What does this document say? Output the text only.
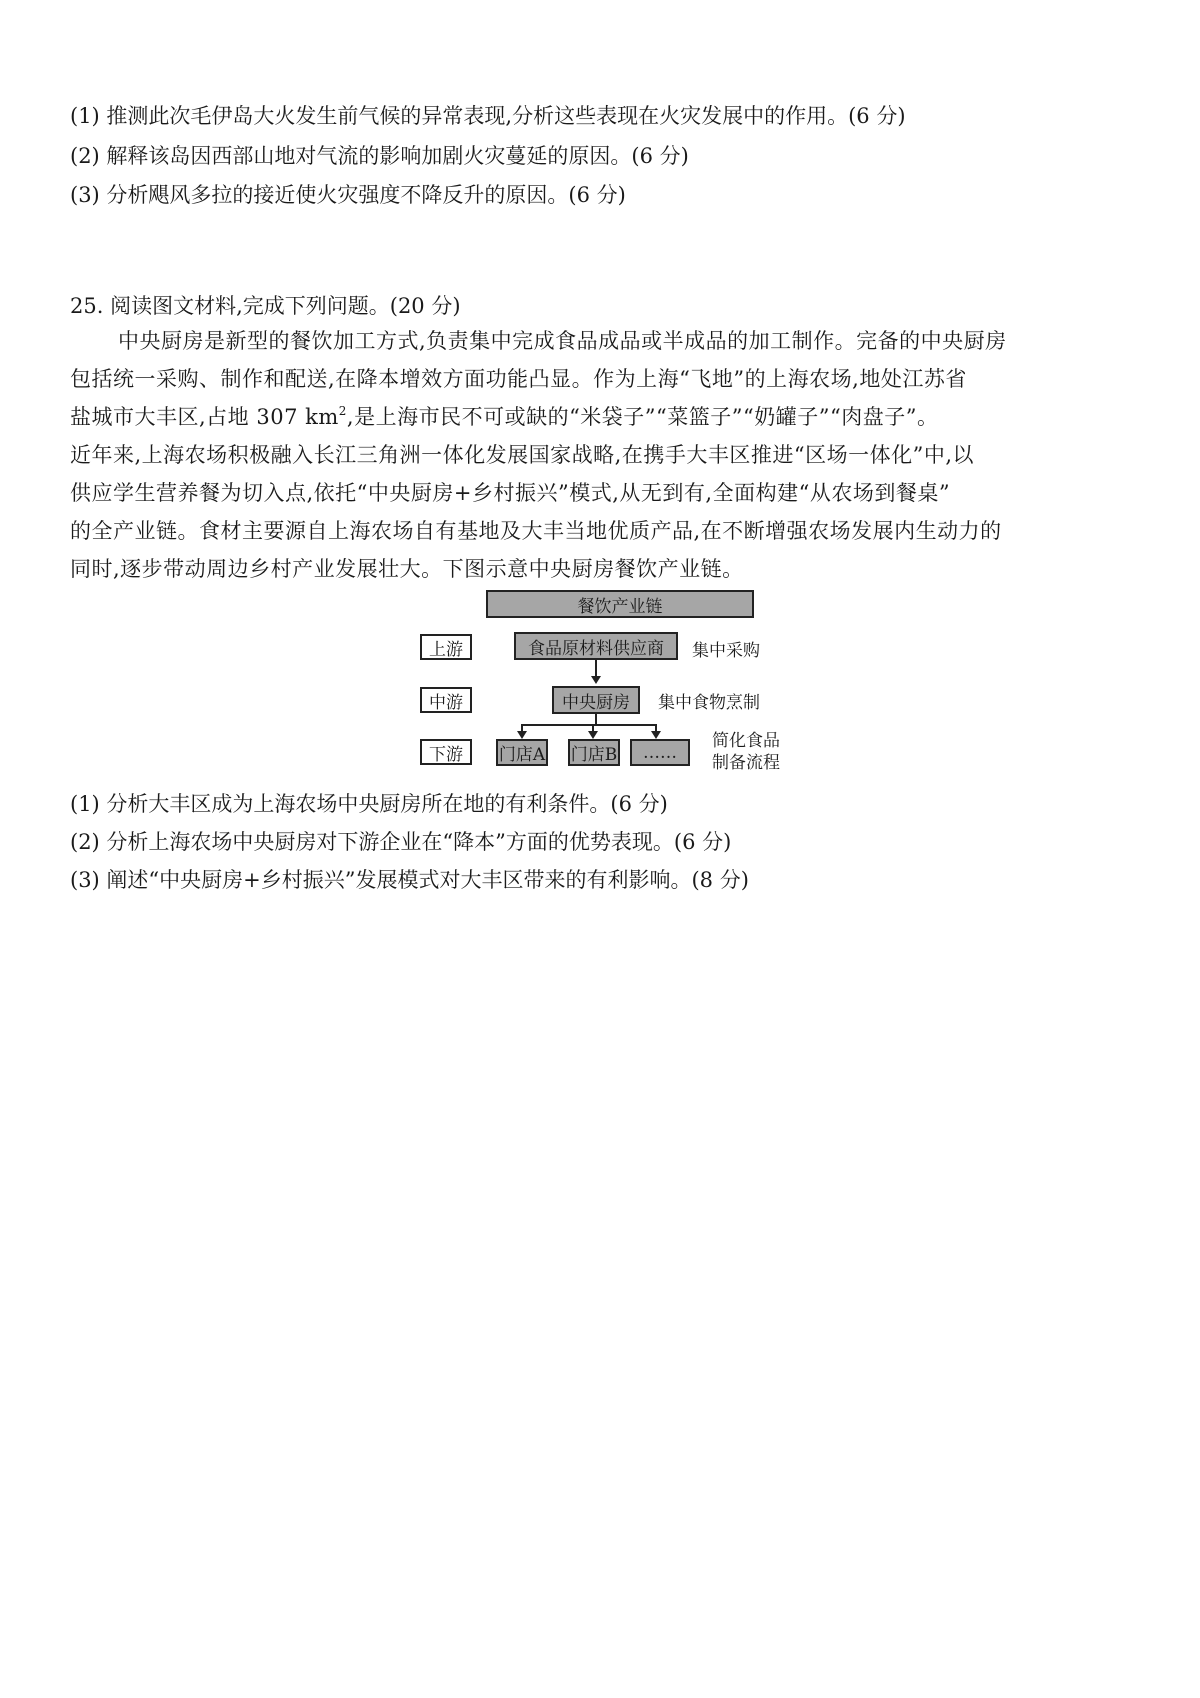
(1) 推测此次毛伊岛大火发生前气候的异常表现,分析这些表现在火灾发展中的作用。(6 分)
(2) 解释该岛因西部山地对气流的影响加剧火灾蔓延的原因。(6 分)
(3) 分析飓风多拉的接近使火灾强度不降反升的原因。(6 分)
25. 阅读图文材料,完成下列问题。(20 分)
中央厨房是新型的餐饮加工方式,负责集中完成食品成品或半成品的加工制作。完备的中央厨房
包括统一采购、制作和配送,在降本增效方面功能凸显。作为上海“飞地”的上海农场,地处江苏省
盐城市大丰区,占地 307 $km^2$,是上海市民不可或缺的“米袋子”“菜篮子”“奶罐子”“肉盘子”。
近年来,上海农场积极融入长江三角洲一体化发展国家战略,在携手大丰区推进“区场一体化”中,以
供应学生营养餐为切入点,依托“中央厨房+乡村振兴”模式,从无到有,全面构建“从农场到餐桌”
的全产业链。食材主要源自上海农场自有基地及大丰当地优质产品,在不断增强农场发展内生动力的
同时,逐步带动周边乡村产业发展壮大。下图示意中央厨房餐饮产业链。
餐饮产业链
上游
中游
下游
食品原材料供应商
中央厨房
门店A 门店B	……
集中采购
集中食物烹制
简化食品
制备流程
(1) 分析大丰区成为上海农场中央厨房所在地的有利条件。(6 分)
(2) 分析上海农场中央厨房对下游企业在“降本”方面的优势表现。(6 分)
(3) 阐述“中央厨房+乡村振兴”发展模式对大丰区带来的有利影响。(8 分)
